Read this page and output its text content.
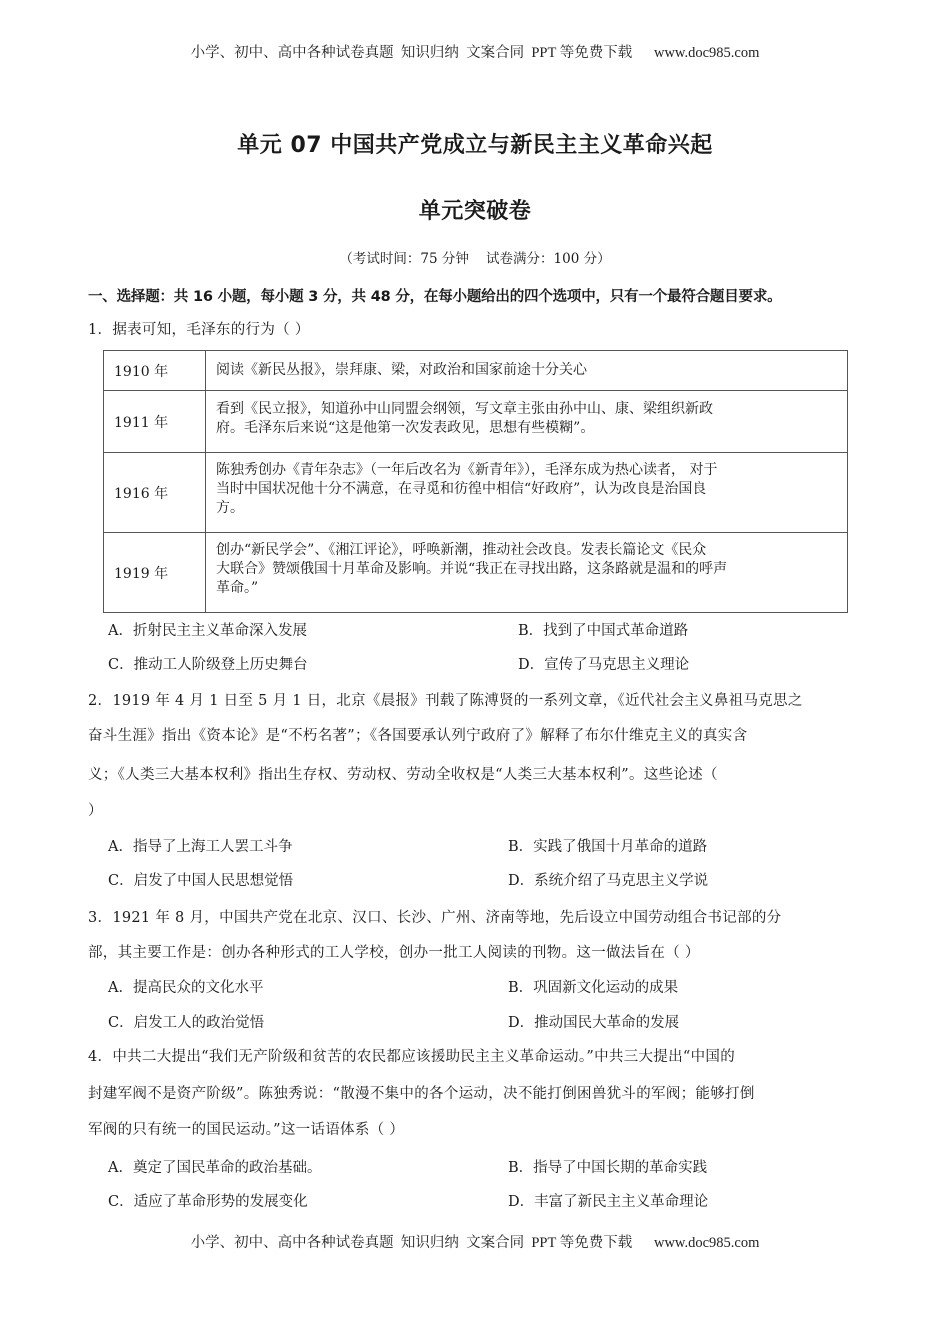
小学、初中、高中各种试卷真题  知识归纳  文案合同  PPT 等免费下载      www.doc985.com
单元 07 中国共产党成立与新民主主义革命兴起
单元突破卷
（考试时间：75 分钟    试卷满分：100 分）
一、选择题：共 16 小题，每小题 3 分，共 48 分，在每小题给出的四个选项中，只有一个最符合题目要求。
1．据表可知，毛泽东的行为（ ）
1910 年	阅读《新民丛报》，崇拜康、梁，对政治和国家前途十分关心

1911 年	看到《民立报》，知道孙中山同盟会纲领，写文章主张由孙中山、康、梁组织新政
府。毛泽东后来说“这是他第一次发表政见，思想有些模糊”。

1916 年	陈独秀创办《青年杂志》（一年后改名为《新青年》），毛泽东成为热心读者， 对于
当时中国状况他十分不满意，在寻觅和彷徨中相信“好政府”，认为改良是治国良
方。

1919 年	创办“新民学会”、《湘江评论》，呼唤新潮，推动社会改良。发表长篇论文《民众
大联合》赞颂俄国十月革命及影响。并说“我正在寻找出路，这条路就是温和的呼声
革命。”
A．折射民主主义革命深入发展	B．找到了中国式革命道路
C．推动工人阶级登上历史舞台	D．宣传了马克思主义理论
2．1919 年 4 月 1 日至 5 月 1 日，北京《晨报》刊载了陈溥贤的一系列文章，《近代社会主义鼻祖马克思之
奋斗生涯》指出《资本论》是“不朽名著”；《各国要承认列宁政府了》解释了布尔什维克主义的真实含
义；《人类三大基本权利》指出生存权、劳动权、劳动全收权是“人类三大基本权利”。这些论述（
）
A．指导了上海工人罢工斗争	B．实践了俄国十月革命的道路
C．启发了中国人民思想觉悟	D．系统介绍了马克思主义学说
3．1921 年 8 月，中国共产党在北京、汉口、长沙、广州、济南等地，先后设立中国劳动组合书记部的分
部，其主要工作是：创办各种形式的工人学校，创办一批工人阅读的刊物。这一做法旨在（ ）
A．提高民众的文化水平	B．巩固新文化运动的成果
C．启发工人的政治觉悟	D．推动国民大革命的发展
4．中共二大提出“我们无产阶级和贫苦的农民都应该援助民主主义革命运动。”中共三大提出“中国的
封建军阀不是资产阶级”。陈独秀说：“散漫不集中的各个运动，决不能打倒困兽犹斗的军阀；能够打倒
军阀的只有统一的国民运动。”这一话语体系（ ）
A．奠定了国民革命的政治基础。	B．指导了中国长期的革命实践
C．适应了革命形势的发展变化	D．丰富了新民主主义革命理论
小学、初中、高中各种试卷真题  知识归纳  文案合同  PPT 等免费下载      www.doc985.com
